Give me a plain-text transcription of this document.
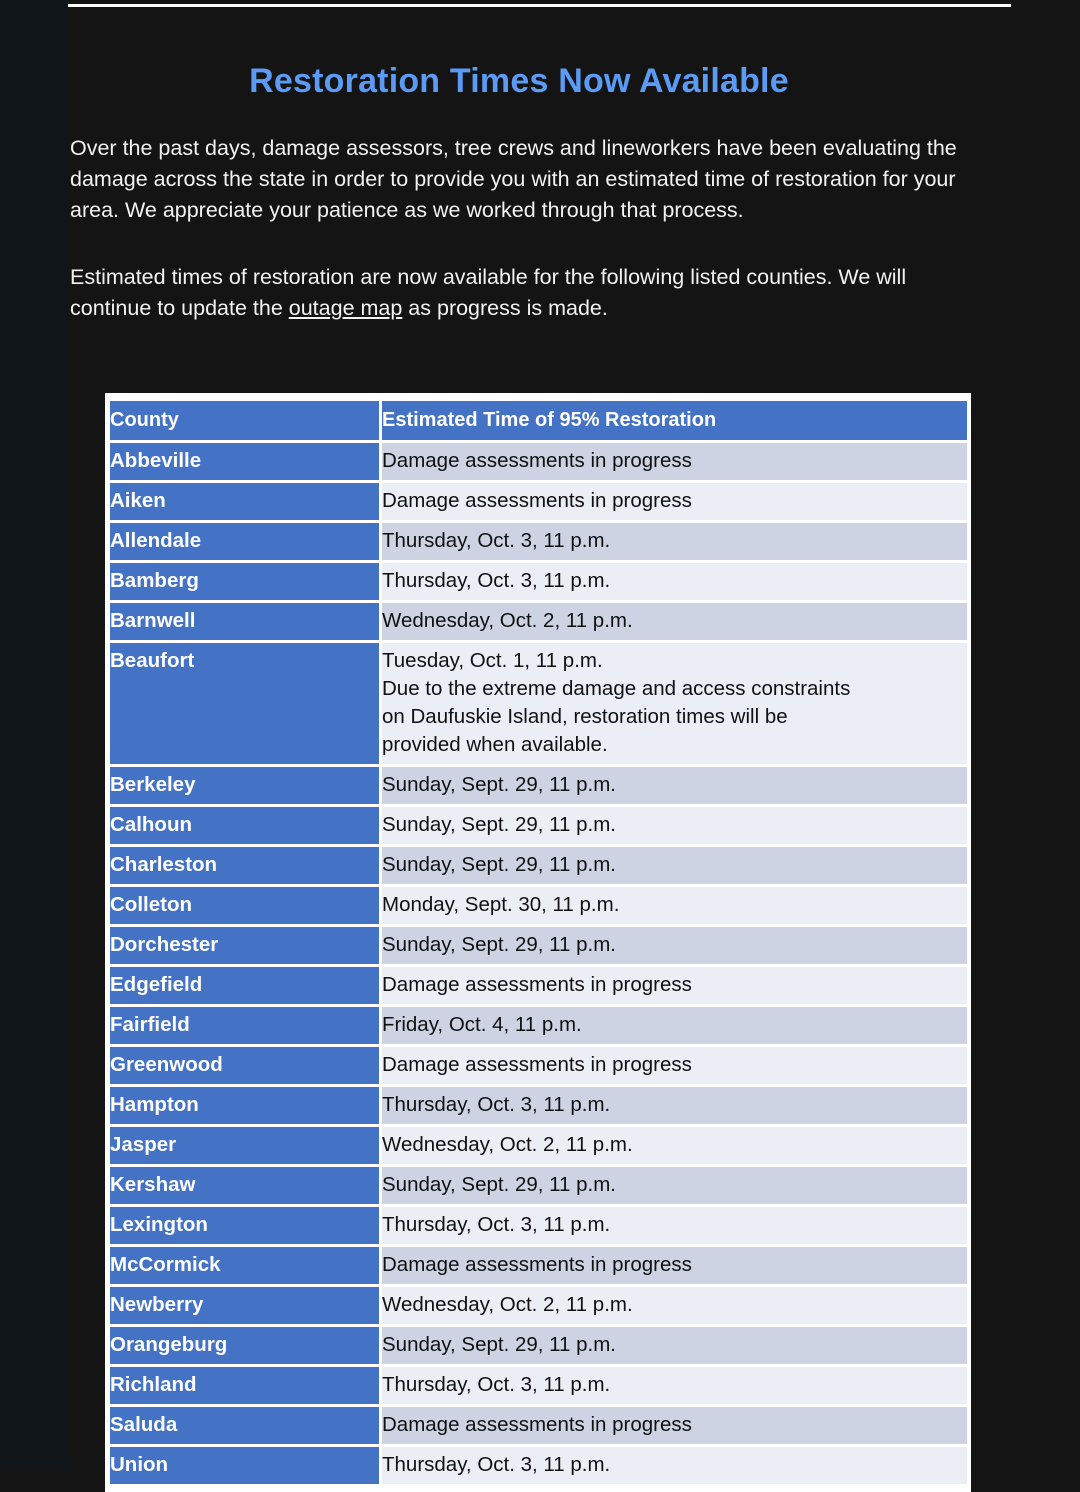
Restoration Times Now Available

Over the past days, damage assessors, tree crews and lineworkers have been evaluating the damage across the state in order to provide you with an estimated time of restoration for your area. We appreciate your patience as we worked through that process.

Estimated times of restoration are now available for the following listed counties. We will continue to update the outage map as progress is made.

County	Estimated Time of 95% Restoration
Abbeville	Damage assessments in progress

Aiken	Damage assessments in progress

Allendale	Thursday, Oct. 3, 11 p.m.

Bamberg	Thursday, Oct. 3, 11 p.m.

Barnwell	Wednesday, Oct. 2, 11 p.m.

Beaufort	Tuesday, Oct. 1, 11 p.m.
Due to the extreme damage and access constraints
on Daufuskie Island, restoration times will be
provided when available.

Berkeley	Sunday, Sept. 29, 11 p.m.

Calhoun	Sunday, Sept. 29, 11 p.m.

Charleston	Sunday, Sept. 29, 11 p.m.

Colleton	Monday, Sept. 30, 11 p.m.

Dorchester	Sunday, Sept. 29, 11 p.m.

Edgefield	Damage assessments in progress

Fairfield	Friday, Oct. 4, 11 p.m.

Greenwood	Damage assessments in progress

Hampton	Thursday, Oct. 3, 11 p.m.

Jasper	Wednesday, Oct. 2, 11 p.m.

Kershaw	Sunday, Sept. 29, 11 p.m.

Lexington	Thursday, Oct. 3, 11 p.m.

McCormick	Damage assessments in progress

Newberry	Wednesday, Oct. 2, 11 p.m.

Orangeburg	Sunday, Sept. 29, 11 p.m.

Richland	Thursday, Oct. 3, 11 p.m.

Saluda	Damage assessments in progress

Union	Thursday, Oct. 3, 11 p.m.
